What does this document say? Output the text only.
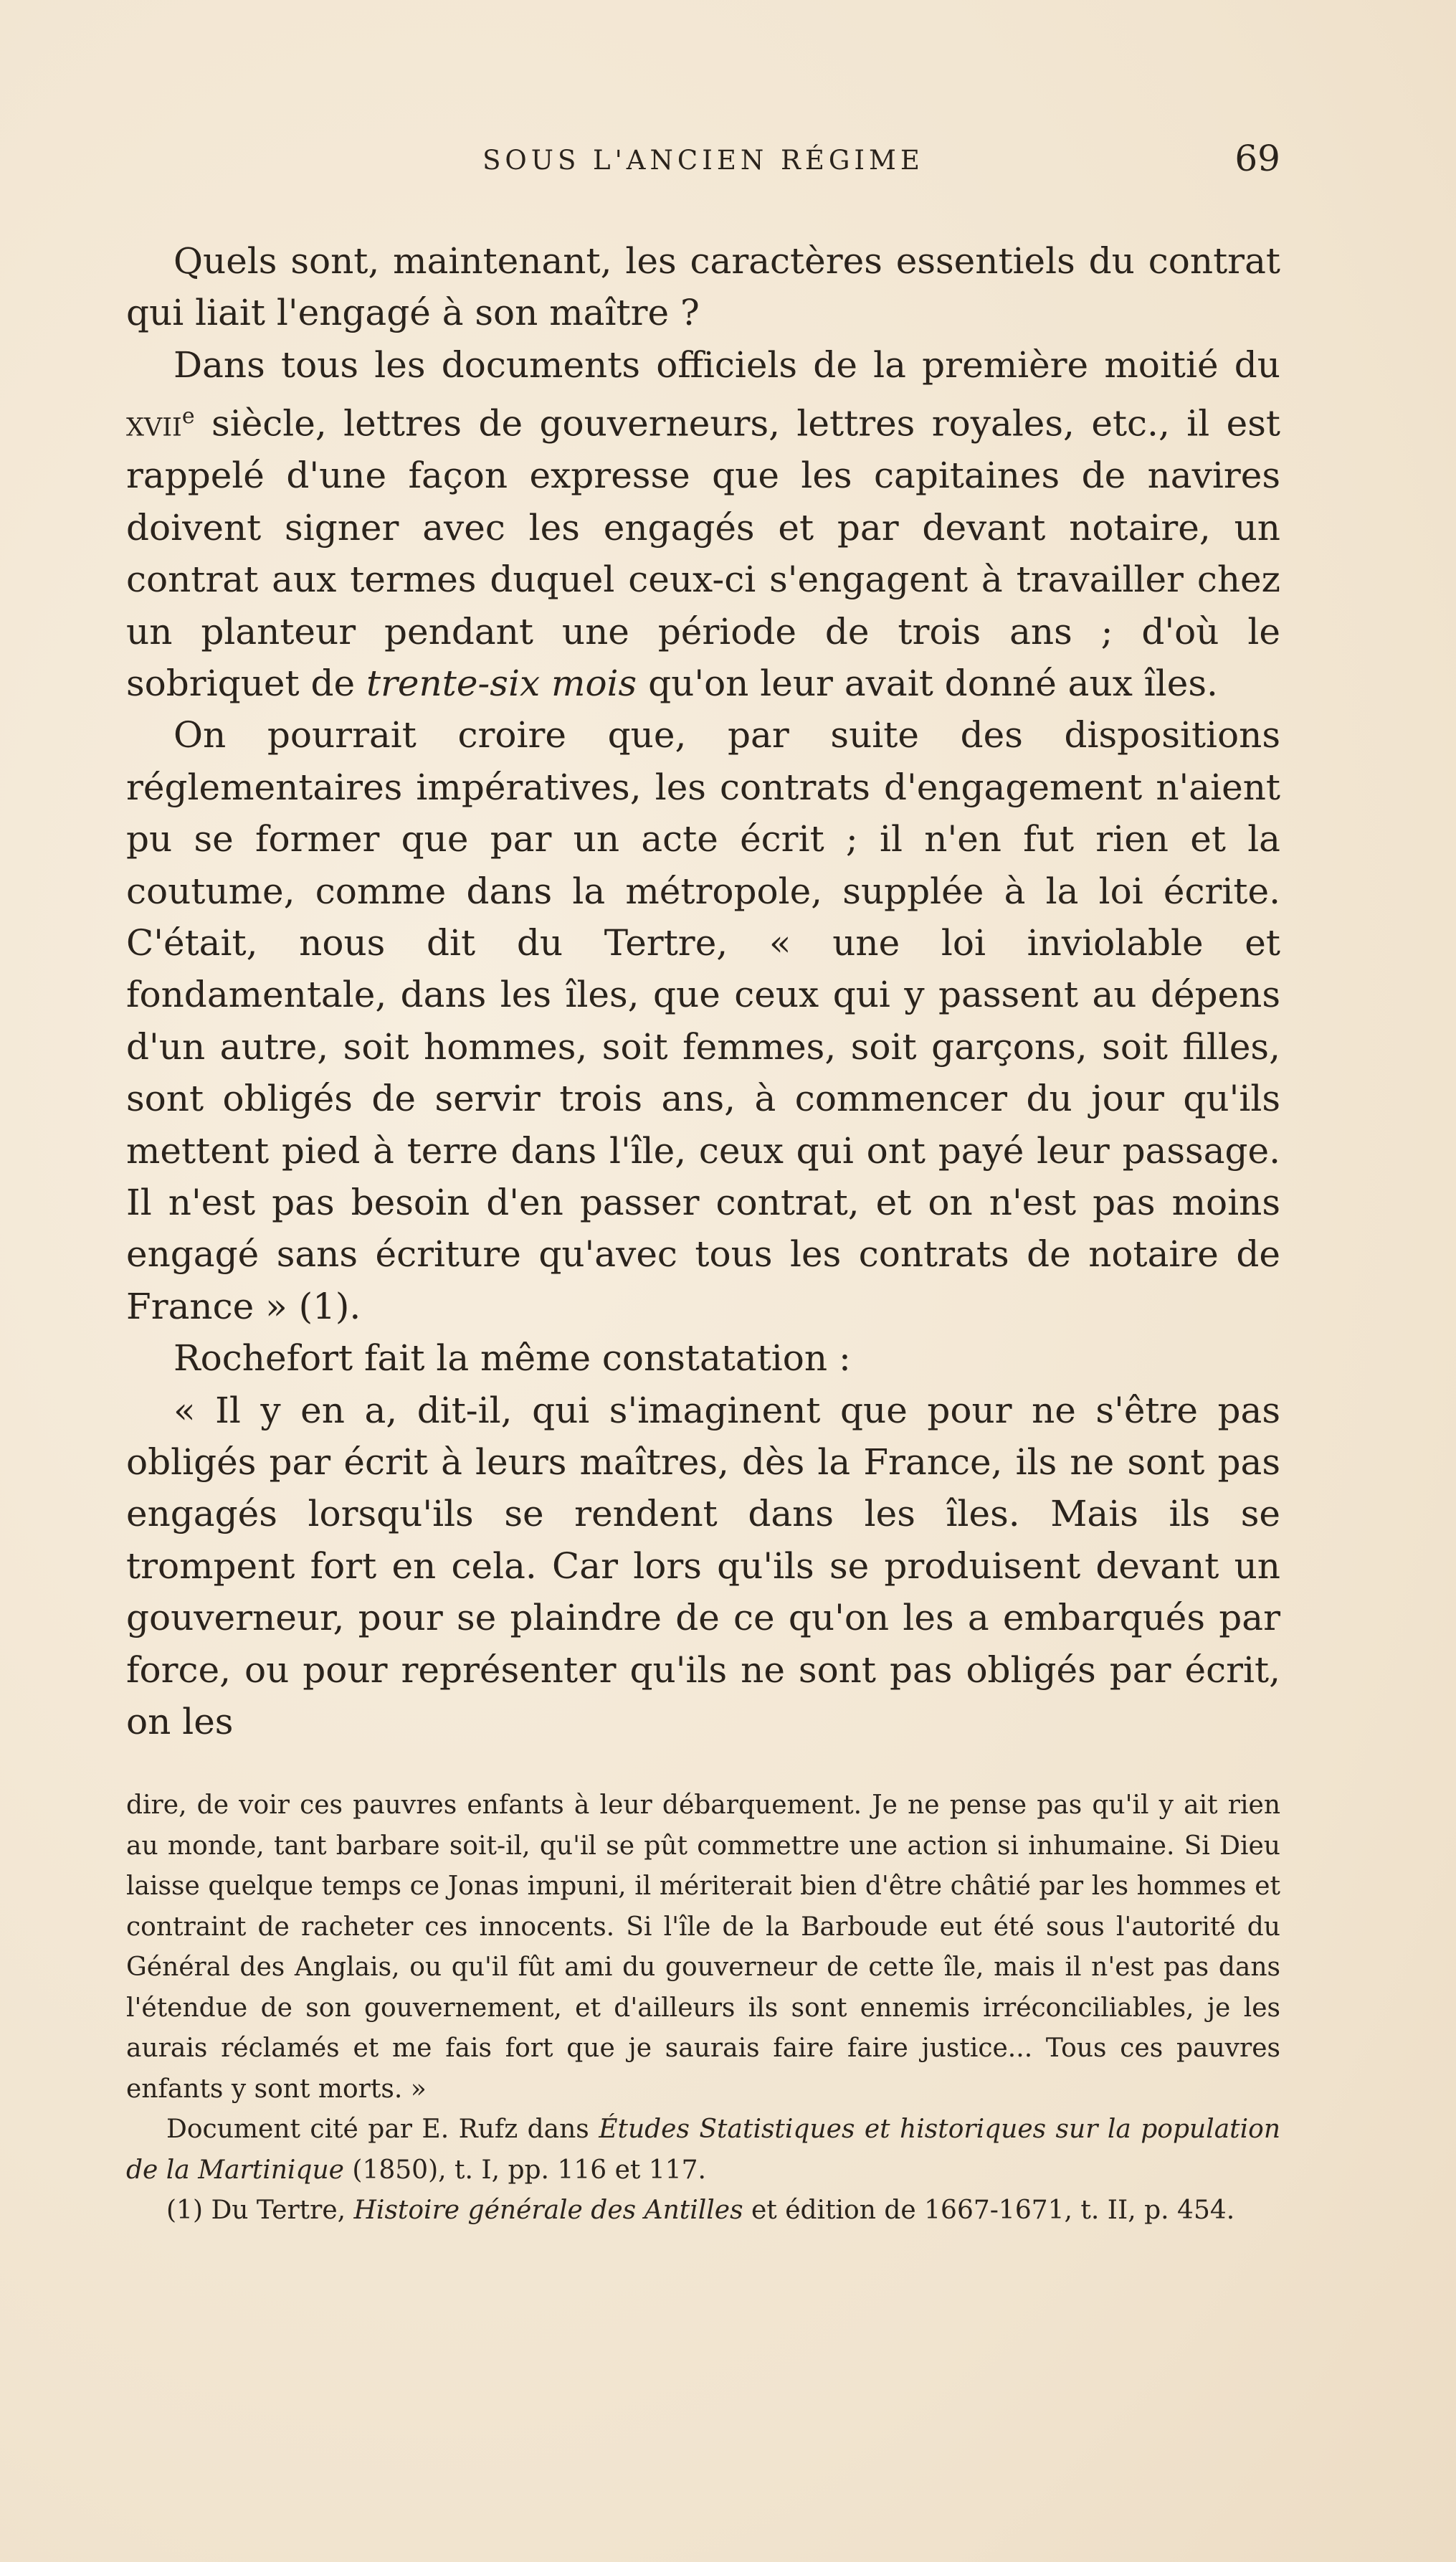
SOUS L'ANCIEN RÉGIME	69

Quels sont, maintenant, les caractères essentiels du contrat qui liait l'engagé à son maître ?

Dans tous les documents officiels de la première moitié du xvii$^e$ siècle, lettres de gouverneurs, lettres royales, etc., il est rappelé d'une façon expresse que les capitaines de navires doivent signer avec les engagés et par devant notaire, un contrat aux termes duquel ceux-ci s'engagent à travailler chez un planteur pendant une période de trois ans ; d'où le sobriquet de trente-six mois qu'on leur avait donné aux îles.

On pourrait croire que, par suite des dispositions réglementaires impératives, les contrats d'engagement n'aient pu se former que par un acte écrit ; il n'en fut rien et la coutume, comme dans la métropole, supplée à la loi écrite. C'était, nous dit du Tertre, « une loi inviolable et fondamentale, dans les îles, que ceux qui y passent au dépens d'un autre, soit hommes, soit femmes, soit garçons, soit filles, sont obligés de servir trois ans, à commencer du jour qu'ils mettent pied à terre dans l'île, ceux qui ont payé leur passage. Il n'est pas besoin d'en passer contrat, et on n'est pas moins engagé sans écriture qu'avec tous les contrats de notaire de France » (1).

Rochefort fait la même constatation :

« Il y en a, dit-il, qui s'imaginent que pour ne s'être pas obligés par écrit à leurs maîtres, dès la France, ils ne sont pas engagés lorsqu'ils se rendent dans les îles. Mais ils se trompent fort en cela. Car lors qu'ils se produisent devant un gouverneur, pour se plaindre de ce qu'on les a embarqués par force, ou pour représenter qu'ils ne sont pas obligés par écrit, on les

dire, de voir ces pauvres enfants à leur débarquement. Je ne pense pas qu'il y ait rien au monde, tant barbare soit-il, qu'il se pût commettre une action si inhumaine. Si Dieu laisse quelque temps ce Jonas impuni, il mériterait bien d'être châtié par les hommes et contraint de racheter ces innocents. Si l'île de la Barboude eut été sous l'autorité du Général des Anglais, ou qu'il fût ami du gouverneur de cette île, mais il n'est pas dans l'étendue de son gouvernement, et d'ailleurs ils sont ennemis irréconciliables, je les aurais réclamés et me fais fort que je saurais faire faire justice... Tous ces pauvres enfants y sont morts. »

Document cité par E. Rufz dans Études Statistiques et historiques sur la population de la Martinique (1850), t. I, pp. 116 et 117.

(1) Du Tertre, Histoire générale des Antilles et édition de 1667-1671, t. II, p. 454.
